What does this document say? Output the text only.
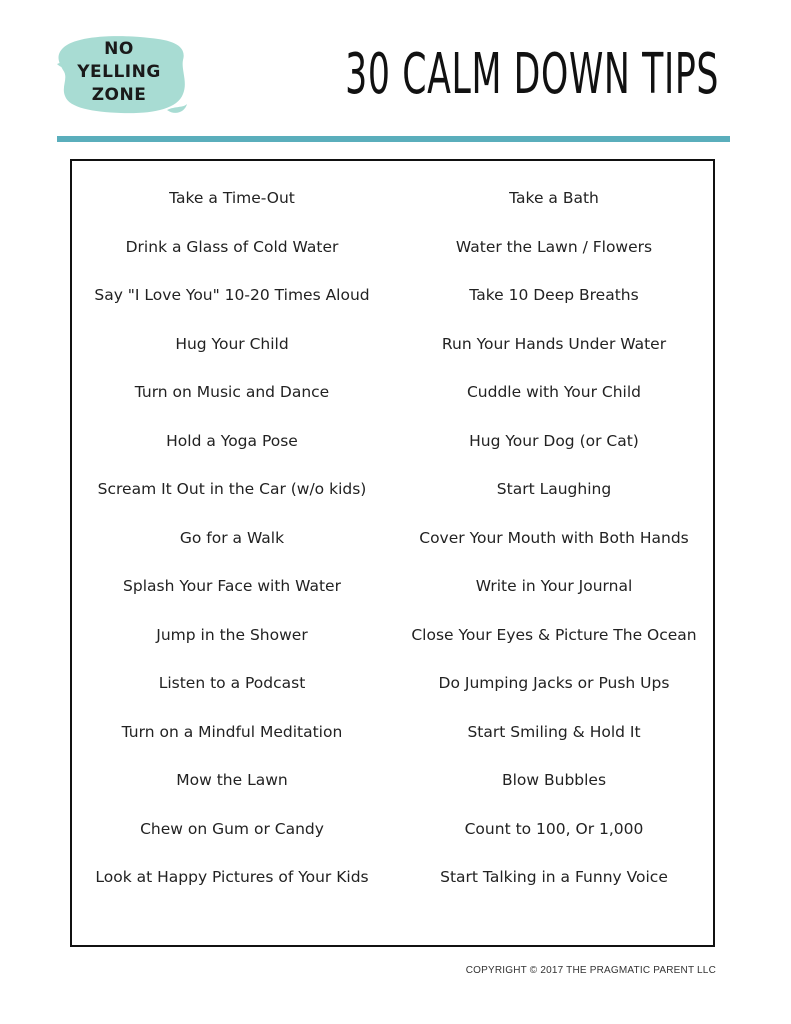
NO
YELLING
ZONE	30 CALM DOWN TIPS
Take a Time-Out
Drink a Glass of Cold Water
Say "I Love You" 10-20 Times Aloud
Hug Your Child
Turn on Music and Dance
Hold a Yoga Pose
Scream It Out in the Car (w/o kids)
Go for a Walk
Splash Your Face with Water
Jump in the Shower
Listen to a Podcast
Turn on a Mindful Meditation
Mow the Lawn
Chew on Gum or Candy
Look at Happy Pictures of Your Kids
Take a Bath
Water the Lawn / Flowers
Take 10 Deep Breaths
Run Your Hands Under Water
Cuddle with Your Child
Hug Your Dog (or Cat)
Start Laughing
Cover Your Mouth with Both Hands
Write in Your Journal
Close Your Eyes & Picture The Ocean
Do Jumping Jacks or Push Ups
Start Smiling & Hold It
Blow Bubbles
Count to 100, Or 1,000
Start Talking in a Funny Voice
COPYRIGHT © 2017 THE PRAGMATIC PARENT LLC
